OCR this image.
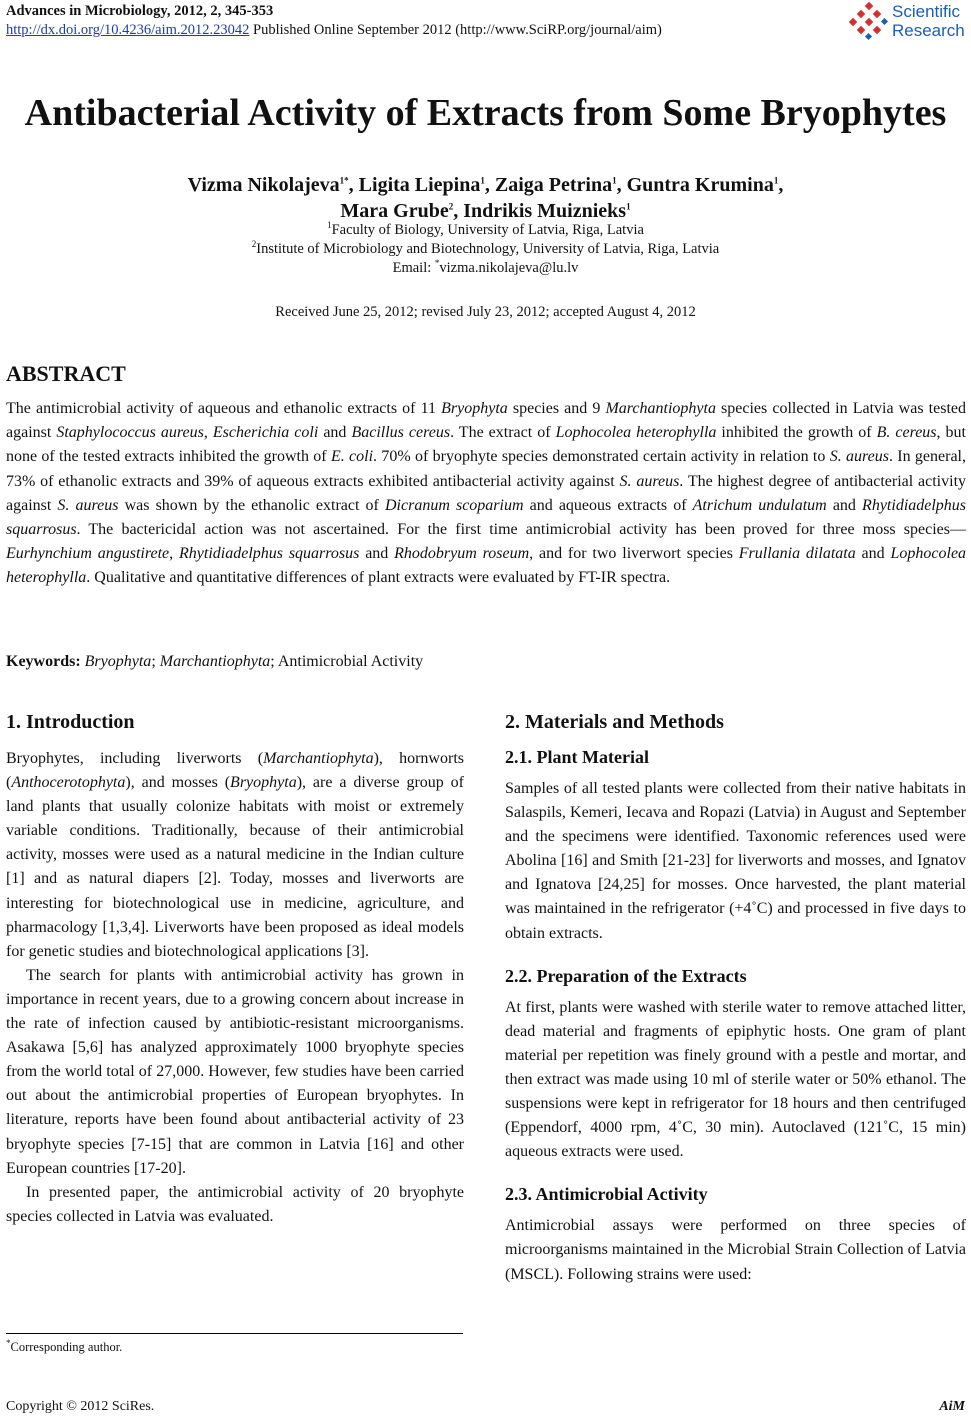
Advances in Microbiology, 2012, 2, 345-353
http://dx.doi.org/10.4236/aim.2012.23042 Published Online September 2012 (http://www.SciRP.org/journal/aim)
Scientific
Research
Antibacterial Activity of Extracts from Some Bryophytes
Vizma Nikolajeva$^{1*}$, Ligita Liepina$^1$, Zaiga Petrina$^1$, Guntra Krumina$^1$,
Mara Grube$^2$, Indrikis Muiznieks$^1$
$^1$Faculty of Biology, University of Latvia, Riga, Latvia
$^2$Institute of Microbiology and Biotechnology, University of Latvia, Riga, Latvia
Email: *vizma.nikolajeva@lu.lv
Received June 25, 2012; revised July 23, 2012; accepted August 4, 2012
ABSTRACT

The antimicrobial activity of aqueous and ethanolic extracts of 11 Bryophyta species and 9 Marchantiophyta species collected in Latvia was tested against Staphylococcus aureus, Escherichia coli and Bacillus cereus. The extract of Lophocolea heterophylla inhibited the growth of B. cereus, but none of the tested extracts inhibited the growth of E. coli. 70% of bryophyte species demonstrated certain activity in relation to S. aureus. In general, 73% of ethanolic extracts and 39% of aqueous extracts exhibited antibacterial activity against S. aureus. The highest degree of antibacterial activity against S. aureus was shown by the ethanolic extract of Dicranum scoparium and aqueous extracts of Atrichum undulatum and Rhytidiadelphus squarrosus. The bactericidal action was not ascertained. For the first time antimicrobial activity has been proved for three moss species—Eurhynchium angustirete, Rhytidiadelphus squarrosus and Rhodobryum roseum, and for two liverwort species Frullania dilatata and Lophocolea heterophylla. Qualitative and quantitative differences of plant extracts were evaluated by FT-IR spectra.

Keywords: Bryophyta; Marchantiophyta; Antimicrobial Activity
1. Introduction

Bryophytes, including liverworts (Marchantiophyta), hornworts (Anthocerotophyta), and mosses (Bryophyta), are a diverse group of land plants that usually colonize habitats with moist or extremely variable conditions. Traditionally, because of their antimicrobial activity, mosses were used as a natural medicine in the Indian culture [1] and as natural diapers [2]. Today, mosses and liverworts are interesting for biotechnological use in medicine, agriculture, and pharmacology [1,3,4]. Liverworts have been proposed as ideal models for genetic studies and biotechnological applications [3].

The search for plants with antimicrobial activity has grown in importance in recent years, due to a growing concern about increase in the rate of infection caused by antibiotic-resistant microorganisms. Asakawa [5,6] has analyzed approximately 1000 bryophyte species from the world total of 27,000. However, few studies have been carried out about the antimicrobial properties of European bryophytes. In literature, reports have been found about antibacterial activity of 23 bryophyte species [7-15] that are common in Latvia [16] and other European countries [17-20].

In presented paper, the antimicrobial activity of 20 bryophyte species collected in Latvia was evaluated.

2. Materials and Methods
2.1. Plant Material

Samples of all tested plants were collected from their native habitats in Salaspils, Kemeri, Iecava and Ropazi (Latvia) in August and September and the specimens were identified. Taxonomic references used were Abolina [16] and Smith [21-23] for liverworts and mosses, and Ignatov and Ignatova [24,25] for mosses. Once harvested, the plant material was maintained in the refrigerator (+4˚C) and processed in five days to obtain extracts.

2.2. Preparation of the Extracts

At first, plants were washed with sterile water to remove attached litter, dead material and fragments of epiphytic hosts. One gram of plant material per repetition was finely ground with a pestle and mortar, and then extract was made using 10 ml of sterile water or 50% ethanol. The suspensions were kept in refrigerator for 18 hours and then centrifuged (Eppendorf, 4000 rpm, 4˚C, 30 min). Autoclaved (121˚C, 15 min) aqueous extracts were used.

2.3. Antimicrobial Activity

Antimicrobial assays were performed on three species of microorganisms maintained in the Microbial Strain Collection of Latvia (MSCL). Following strains were used:

*Corresponding author.
Copyright © 2012 SciRes.	AiM
